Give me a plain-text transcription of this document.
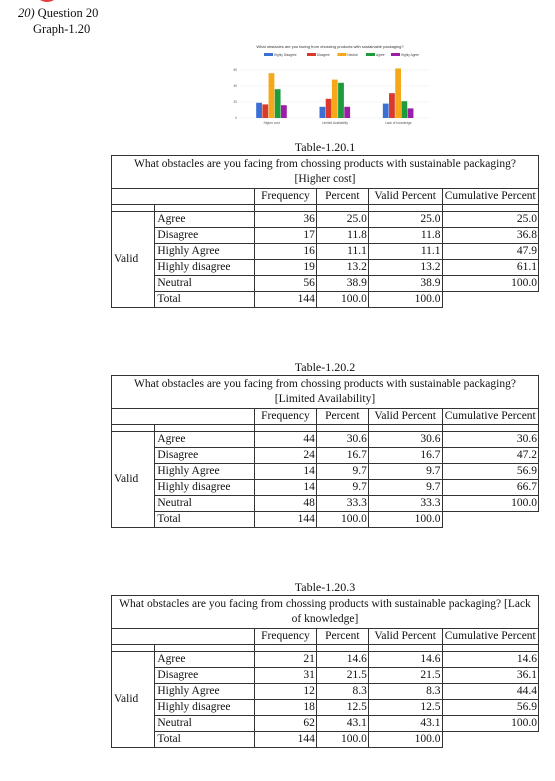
20) Question 20
Graph-1.20
What obstacles are you facing from chossing products with sustainable packaging?
Highly Disagree	Disagree	Neutral	Agree	Highly Agree
60
40
20
0
Higher cost	Limited Availability	Lack of knowledge
Table-1.20.1
What obstacles are you facing from chossing products with sustainable packaging? [Higher cost]					
		Frequency	Percent	Valid Percent	Cumulative Percent

Valid	Agree	36	25.0	25.0	25.0
	Disagree	17	11.8	11.8	36.8
	Highly Agree	16	11.1	11.1	47.9
	Highly disagree	19	13.2	13.2	61.1
	Neutral	56	38.9	38.9	100.0
	Total	144	100.0	100.0	
Table-1.20.2
What obstacles are you facing from chossing products with sustainable packaging? [Limited Availability]					
		Frequency	Percent	Valid Percent	Cumulative Percent

Valid	Agree	44	30.6	30.6	30.6
	Disagree	24	16.7	16.7	47.2
	Highly Agree	14	9.7	9.7	56.9
	Highly disagree	14	9.7	9.7	66.7
	Neutral	48	33.3	33.3	100.0
	Total	144	100.0	100.0	
Table-1.20.3
What obstacles are you facing from chossing products with sustainable packaging? [Lack of knowledge]					
		Frequency	Percent	Valid Percent	Cumulative Percent

Valid	Agree	21	14.6	14.6	14.6
	Disagree	31	21.5	21.5	36.1
	Highly Agree	12	8.3	8.3	44.4
	Highly disagree	18	12.5	12.5	56.9
	Neutral	62	43.1	43.1	100.0
	Total	144	100.0	100.0	
